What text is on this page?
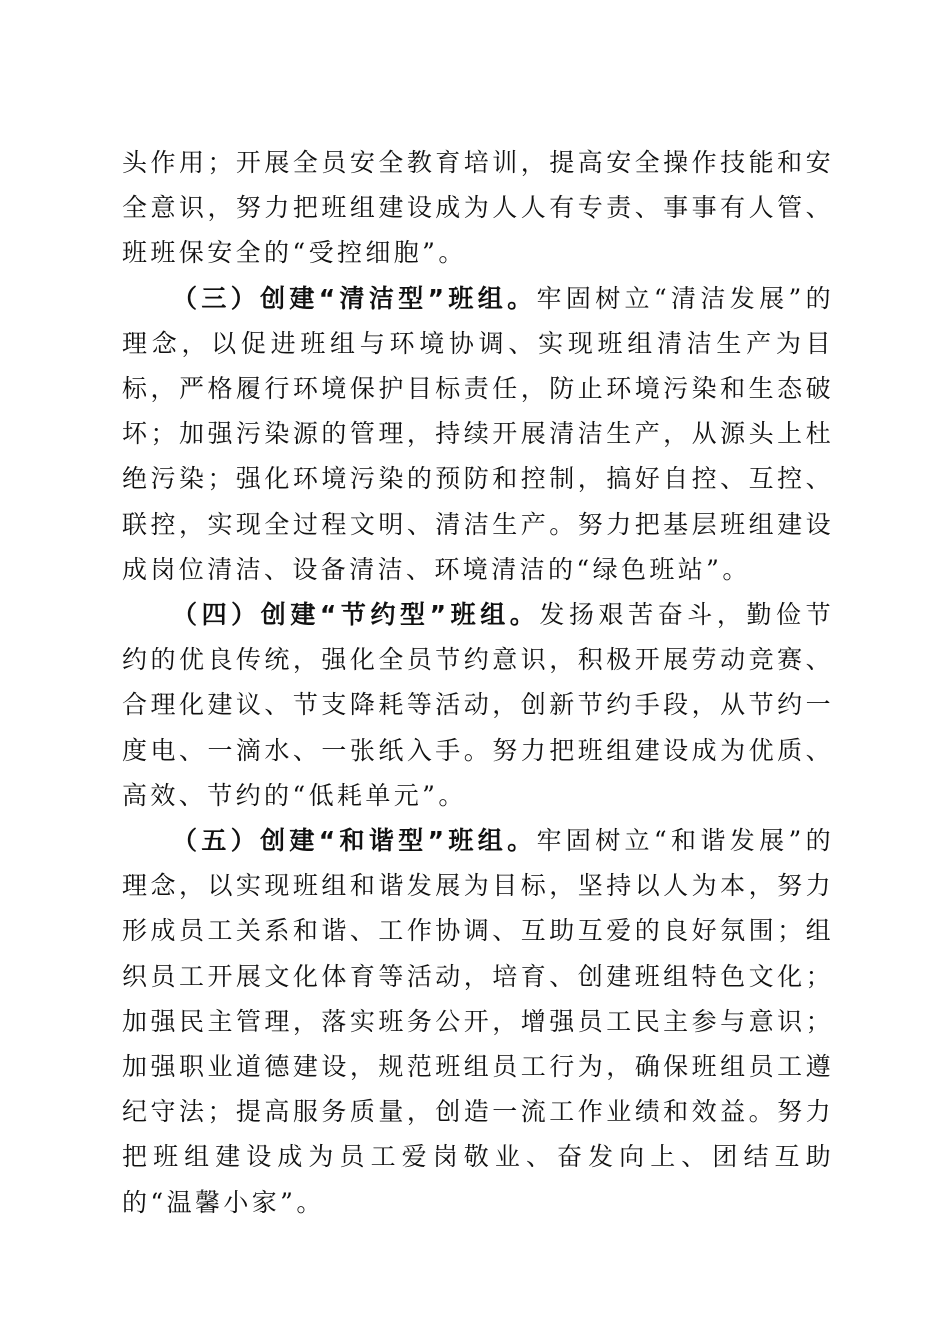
头作用；开展全员安全教育培训，提高安全操作技能和安全意识，努力把班组建设成为人人有专责、事事有人管、班班保安全的“受控细胞”。

（三）创建“清洁型”班组。牢固树立“清洁发展”的理念，以促进班组与环境协调、实现班组清洁生产为目标，严格履行环境保护目标责任，防止环境污染和生态破坏；加强污染源的管理，持续开展清洁生产，从源头上杜绝污染；强化环境污染的预防和控制，搞好自控、互控、联控，实现全过程文明、清洁生产。努力把基层班组建设成岗位清洁、设备清洁、环境清洁的“绿色班站”。

（四）创建“节约型”班组。发扬艰苦奋斗，勤俭节约的优良传统，强化全员节约意识，积极开展劳动竞赛、合理化建议、节支降耗等活动，创新节约手段，从节约一度电、一滴水、一张纸入手。努力把班组建设成为优质、高效、节约的“低耗单元”。

（五）创建“和谐型”班组。牢固树立“和谐发展”的理念，以实现班组和谐发展为目标，坚持以人为本，努力形成员工关系和谐、工作协调、互助互爱的良好氛围；组织员工开展文化体育等活动，培育、创建班组特色文化；加强民主管理，落实班务公开，增强员工民主参与意识；加强职业道德建设，规范班组员工行为，确保班组员工遵纪守法；提高服务质量，创造一流工作业绩和效益。努力把班组建设成为员工爱岗敬业、奋发向上、团结互助的“温馨小家”。
